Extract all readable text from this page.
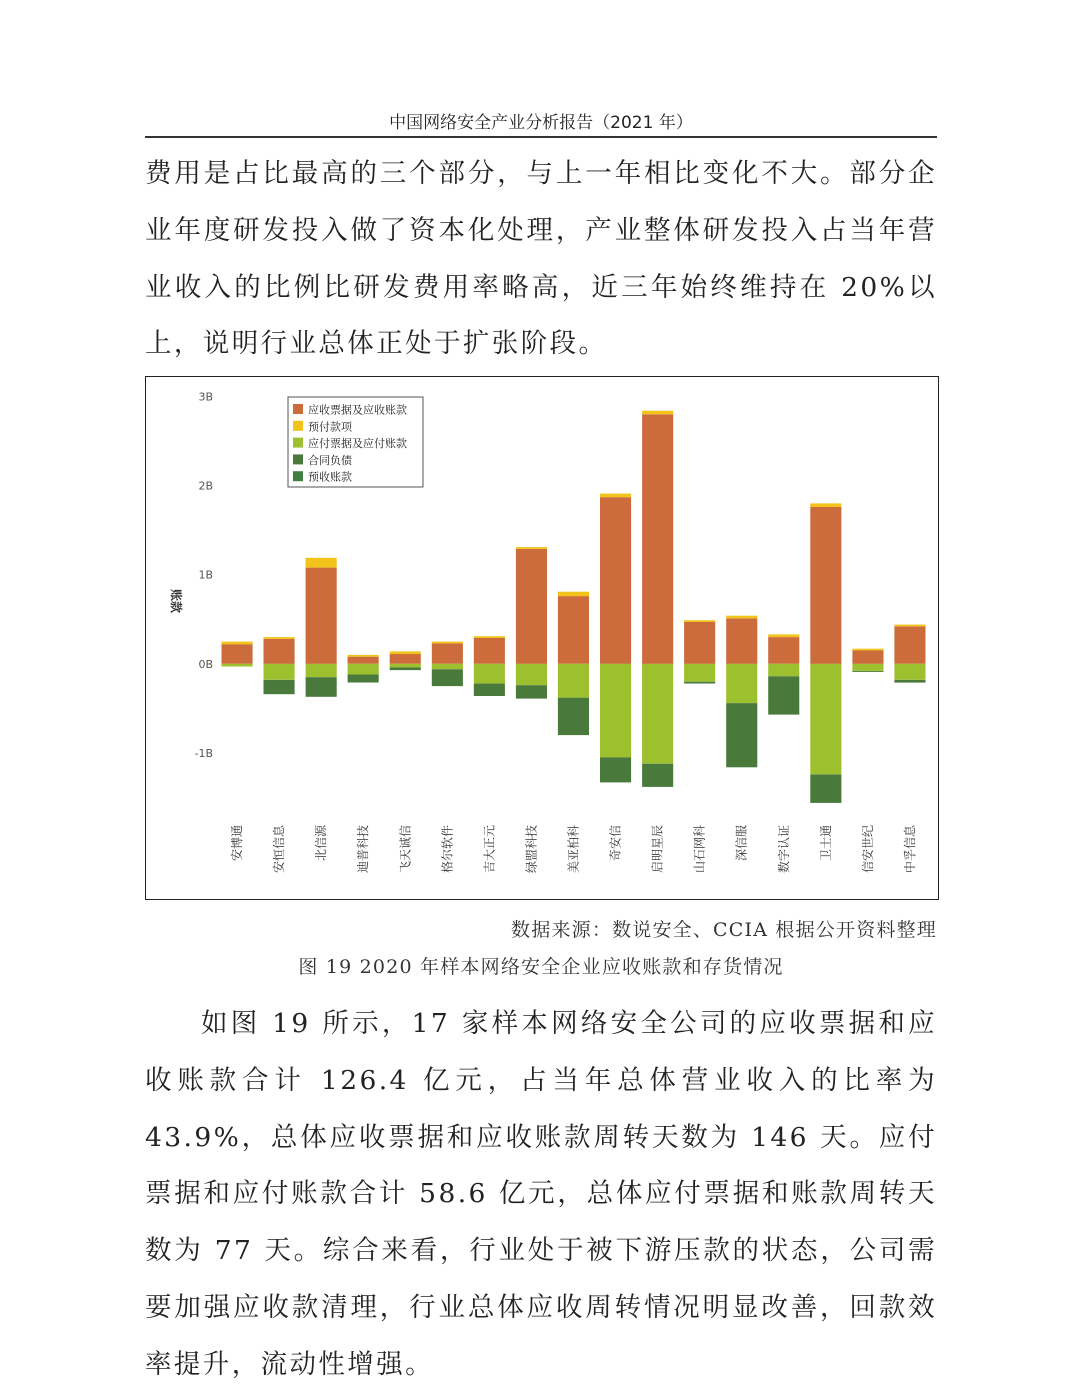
中国网络安全产业分析报告（2021 年）

费用是占比最高的三个部分，与上一年相比变化不大。部分企业年度研发投入做了资本化处理，产业整体研发投入占当年营业收入的比例比研发费用率略高，近三年始终维持在 20%以上，说明行业总体正处于扩张阶段。

3B
2B
1B
0B
-1B
安博通 安恒信息 北信源 迪普科技 飞天诚信 格尔软件 吉大正元 绿盟科技 美亚柏科 奇安信 启明星辰 山石网科 深信服 数字认证 卫士通 信安世纪 中孚信息
应收票据及应收账款
预付款项
应付票据及应付账款
合同负债
预收账款
账款
数据来源：数说安全、CCIA 根据公开资料整理
图 19 2020 年样本网络安全企业应收账款和存货情况

如图 19 所示，17 家样本网络安全公司的应收票据和应收账款合计 126.4 亿元，占当年总体营业收入的比率为 43.9%，总体应收票据和应收账款周转天数为 146 天。应付票据和应付账款合计 58.6 亿元，总体应付票据和账款周转天数为 77 天。综合来看，行业处于被下游压款的状态，公司需要加强应收款清理，行业总体应收周转情况明显改善，回款效率提升，流动性增强。
